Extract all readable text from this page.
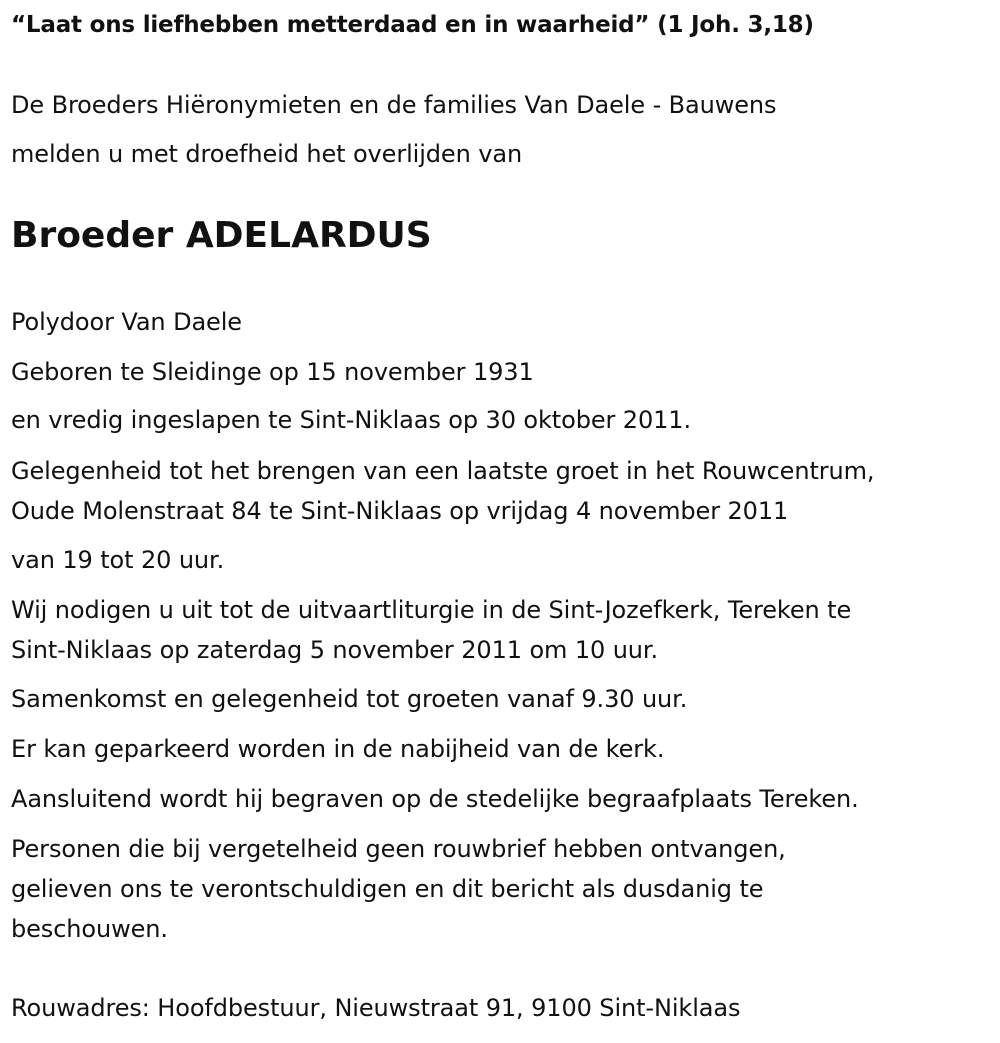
“Laat ons liefhebben metterdaad en in waarheid” (1 Joh. 3,18)
De Broeders Hiëronymieten en de families Van Daele - Bauwens
melden u met droefheid het overlijden van
Broeder ADELARDUS
Polydoor Van Daele
Geboren te Sleidinge op 15 november 1931
en vredig ingeslapen te Sint-Niklaas op 30 oktober 2011.
Gelegenheid tot het brengen van een laatste groet in het Rouwcentrum,
Oude Molenstraat 84 te Sint-Niklaas op vrijdag 4 november 2011
van 19 tot 20 uur.
Wij nodigen u uit tot de uitvaartliturgie in de Sint-Jozefkerk, Tereken te
Sint-Niklaas op zaterdag 5 november 2011 om 10 uur.
Samenkomst en gelegenheid tot groeten vanaf 9.30 uur.
Er kan geparkeerd worden in de nabijheid van de kerk.
Aansluitend wordt hij begraven op de stedelijke begraafplaats Tereken.
Personen die bij vergetelheid geen rouwbrief hebben ontvangen,
gelieven ons te verontschuldigen en dit bericht als dusdanig te
beschouwen.
Rouwadres: Hoofdbestuur, Nieuwstraat 91, 9100 Sint-Niklaas
